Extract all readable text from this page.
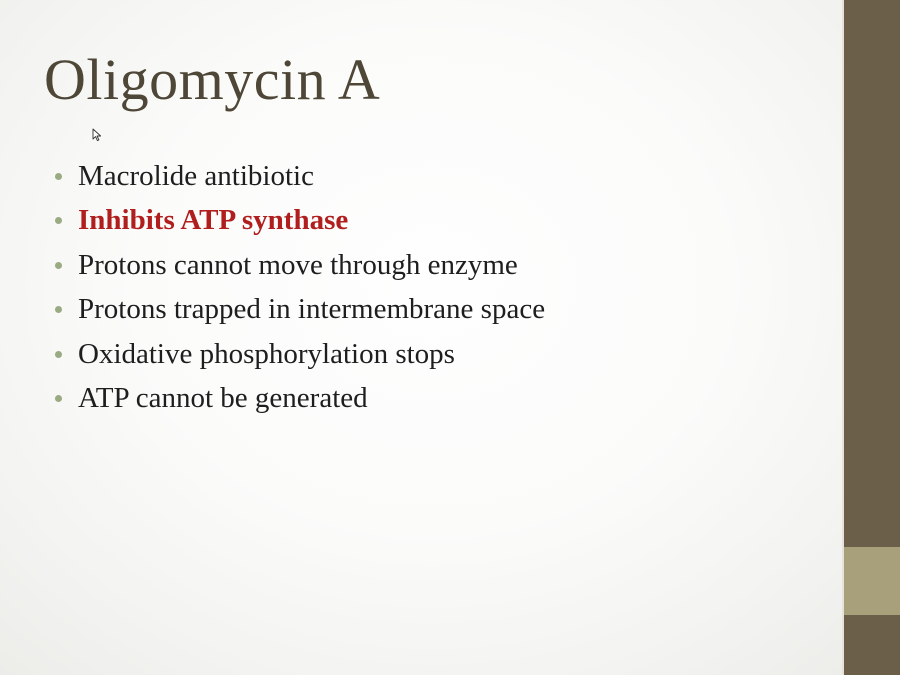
Oligomycin A
Macrolide antibiotic
Inhibits ATP synthase
Protons cannot move through enzyme
Protons trapped in intermembrane space
Oxidative phosphorylation stops
ATP cannot be generated
